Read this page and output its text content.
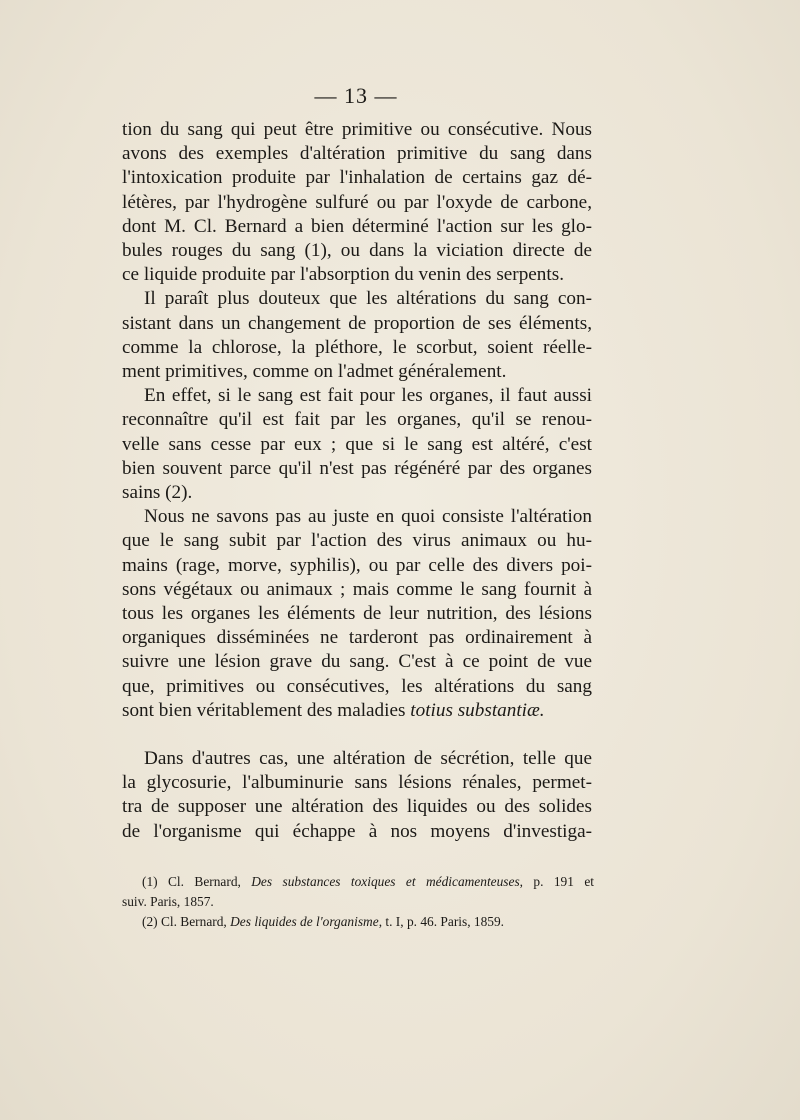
— 13 —

tion du sang qui peut être primitive ou consécutive. Nous
avons des exemples d'altération primitive du sang dans
l'intoxication produite par l'inhalation de certains gaz dé-
létères, par l'hydrogène sulfuré ou par l'oxyde de carbone,
dont M. Cl. Bernard a bien déterminé l'action sur les glo-
bules rouges du sang (1), ou dans la viciation directe de
ce liquide produite par l'absorption du venin des serpents.

Il paraît plus douteux que les altérations du sang con-
sistant dans un changement de proportion de ses éléments,
comme la chlorose, la pléthore, le scorbut, soient réelle-
ment primitives, comme on l'admet généralement.

En effet, si le sang est fait pour les organes, il faut aussi
reconnaître qu'il est fait par les organes, qu'il se renou-
velle sans cesse par eux ; que si le sang est altéré, c'est
bien souvent parce qu'il n'est pas régénéré par des organes
sains (2).

Nous ne savons pas au juste en quoi consiste l'altération
que le sang subit par l'action des virus animaux ou hu-
mains (rage, morve, syphilis), ou par celle des divers poi-
sons végétaux ou animaux ; mais comme le sang fournit à
tous les organes les éléments de leur nutrition, des lésions
organiques disséminées ne tarderont pas ordinairement à
suivre une lésion grave du sang. C'est à ce point de vue
que, primitives ou consécutives, les altérations du sang
sont bien véritablement des maladies totius substantiæ.

Dans d'autres cas, une altération de sécrétion, telle que
la glycosurie, l'albuminurie sans lésions rénales, permet-
tra de supposer une altération des liquides ou des solides
de l'organisme qui échappe à nos moyens d'investiga-

(1) Cl. Bernard, Des substances toxiques et médicamenteuses, p. 191 et
suiv. Paris, 1857.
(2) Cl. Bernard, Des liquides de l'organisme, t. I, p. 46. Paris, 1859.
